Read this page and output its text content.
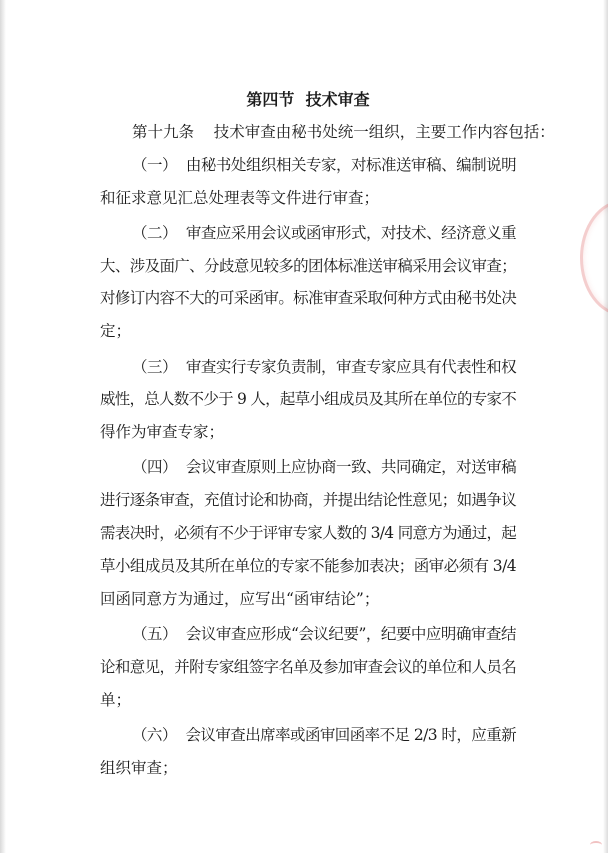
第四节  技术审查
第十九条    技术审查由秘书处统一组织，主要工作内容包括：
（一）  由秘书处组织相关专家，对标准送审稿、编制说明
和征求意见汇总处理表等文件进行审查；
（二）  审查应采用会议或函审形式，对技术、经济意义重
大、涉及面广、分歧意见较多的团体标准送审稿采用会议审查；
对修订内容不大的可采函审。标准审查采取何种方式由秘书处决
定；
（三）  审查实行专家负责制，审查专家应具有代表性和权
威性，总人数不少于 9 人，起草小组成员及其所在单位的专家不
得作为审查专家；
（四）  会议审查原则上应协商一致、共同确定，对送审稿
进行逐条审查，充值讨论和协商，并提出结论性意见；如遇争议
需表决时，必须有不少于评审专家人数的 3/4 同意方为通过，起
草小组成员及其所在单位的专家不能参加表决；函审必须有 3/4
回函同意方为通过，应写出“函审结论”；
（五）  会议审查应形成“会议纪要”，纪要中应明确审查结
论和意见，并附专家组签字名单及参加审查会议的单位和人员名
单；
（六）  会议审查出席率或函审回函率不足 2/3 时，应重新
组织审查；
